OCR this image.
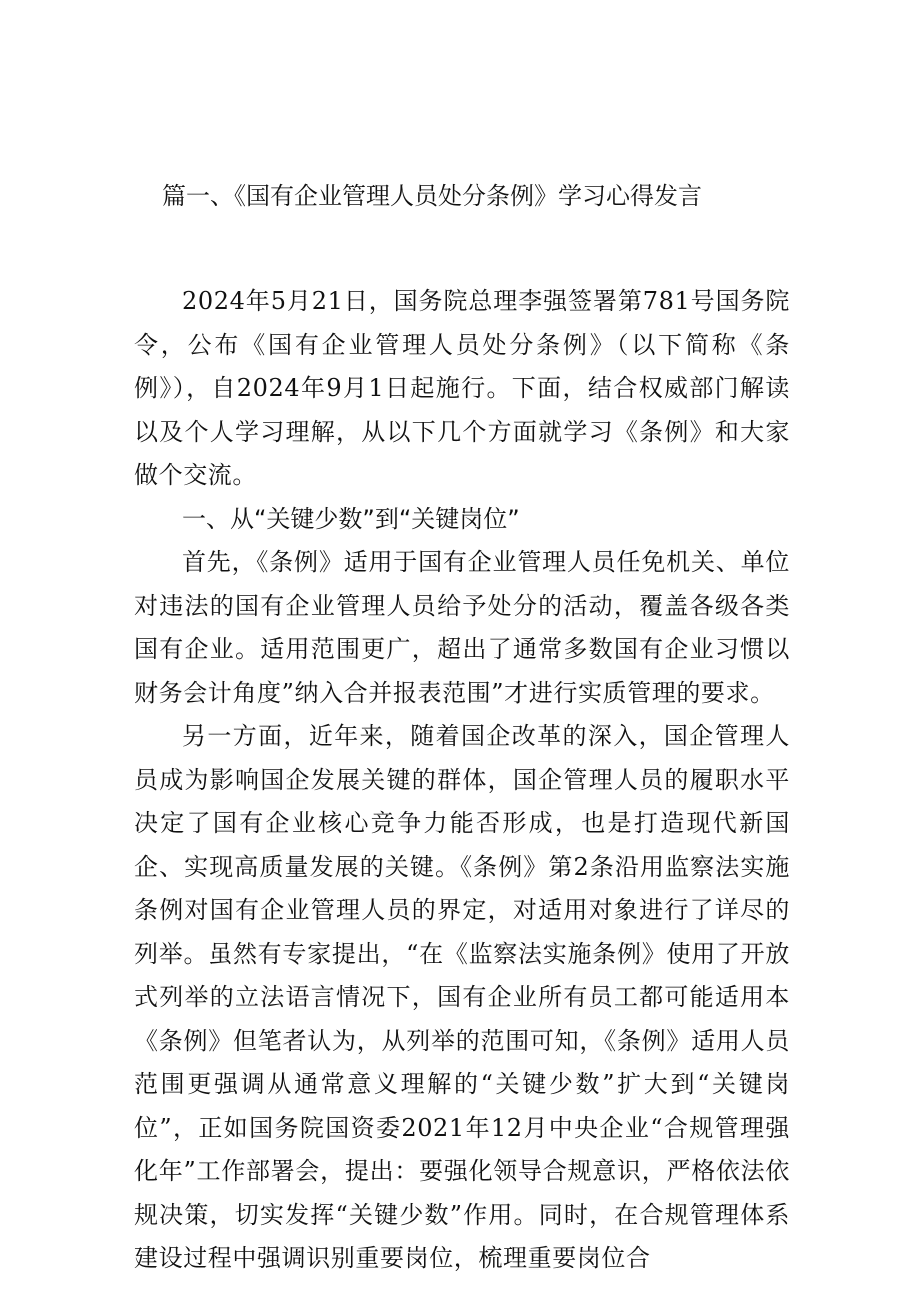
篇一、《国有企业管理人员处分条例》学习心得发言

2024年5月21日，国务院总理李强签署第781号国务院令，公布《国有企业管理人员处分条例》（以下简称《条例》），自2024年9月1日起施行。下面，结合权威部门解读以及个人学习理解，从以下几个方面就学习《条例》和大家做个交流。

一、从“关键少数”到“关键岗位”

首先，《条例》适用于国有企业管理人员任免机关、单位对违法的国有企业管理人员给予处分的活动，覆盖各级各类国有企业。适用范围更广，超出了通常多数国有企业习惯以财务会计角度”纳入合并报表范围”才进行实质管理的要求。

另一方面，近年来，随着国企改革的深入，国企管理人员成为影响国企发展关键的群体，国企管理人员的履职水平决定了国有企业核心竞争力能否形成，也是打造现代新国企、实现高质量发展的关键。《条例》第2条沿用监察法实施条例对国有企业管理人员的界定，对适用对象进行了详尽的列举。虽然有专家提出，“在《监察法实施条例》使用了开放式列举的立法语言情况下，国有企业所有员工都可能适用本《条例》但笔者认为，从列举的范围可知，《条例》适用人员范围更强调从通常意义理解的“关键少数”扩大到“关键岗位”，正如国务院国资委2021年12月中央企业“合规管理强化年”工作部署会，提出：要强化领导合规意识，严格依法依规决策，切实发挥“关键少数”作用。同时，在合规管理体系建设过程中强调识别重要岗位，梳理重要岗位合
